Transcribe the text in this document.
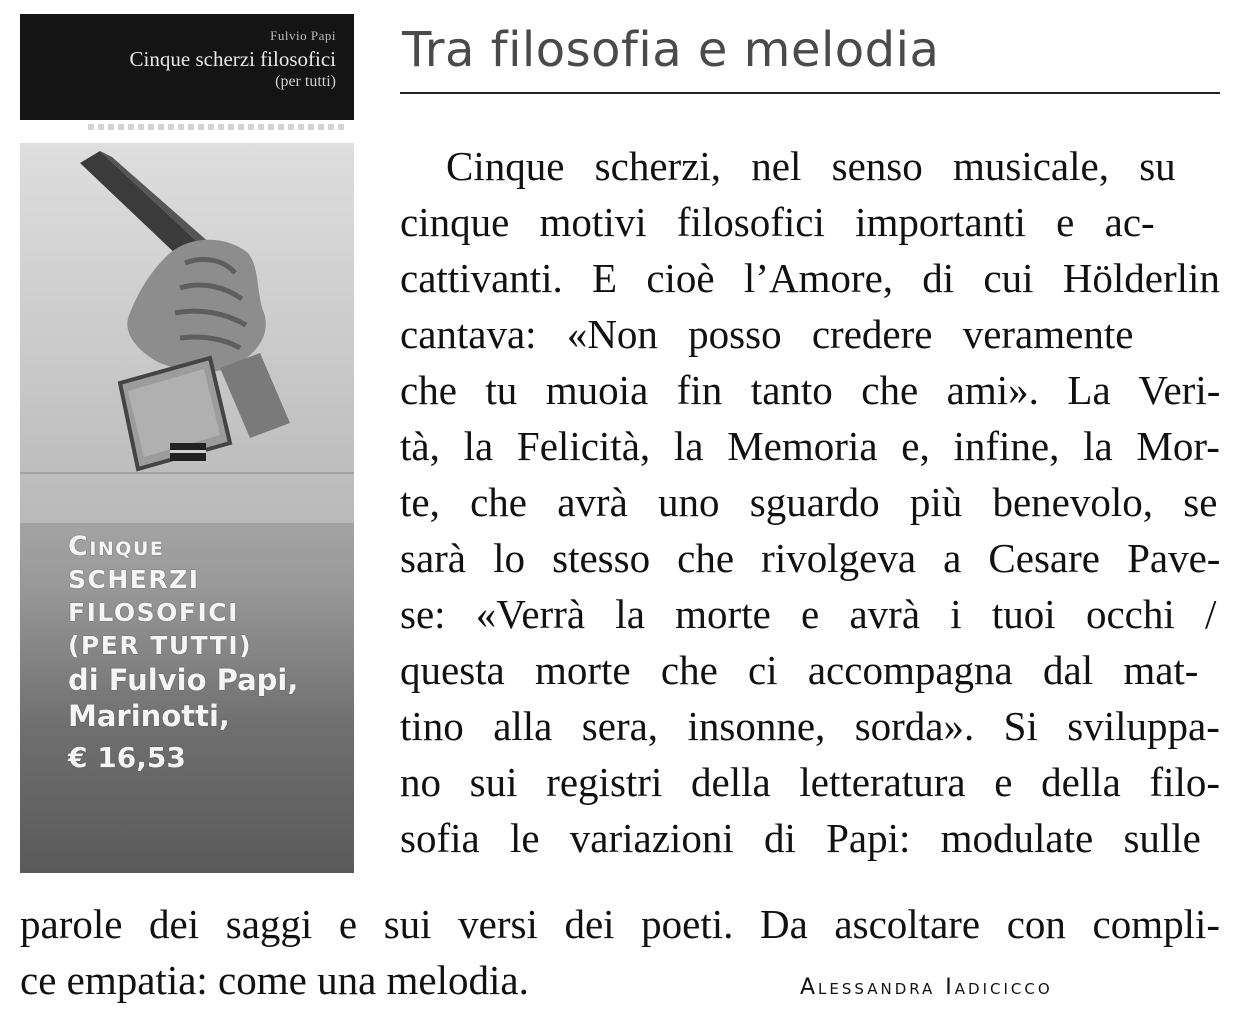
Fulvio Papi
Cinque scherzi filosofici
(per tutti)
Cinque
SCHERZI
FILOSOFICI
(PER TUTTI)
di Fulvio Papi,
Marinotti,
€ 16,53
Tra filosofia e melodia
Cinque scherzi, nel senso musicale, su
cinque motivi filosofici importanti e ac-
cattivanti. E cioè l’Amore, di cui Hölderlin
cantava: «Non posso credere veramente
che tu muoia fin tanto che ami». La Veri-
tà, la Felicità, la Memoria e, infine, la Mor-
te, che avrà uno sguardo più benevolo, se
sarà lo stesso che rivolgeva a Cesare Pave-
se: «Verrà la morte e avrà i tuoi occhi /
questa morte che ci accompagna dal mat-
tino alla sera, insonne, sorda». Si sviluppa-
no sui registri della letteratura e della filo-
sofia le variazioni di Papi: modulate sulle
parole dei saggi e sui versi dei poeti. Da ascoltare con compli-
ce empatia: come una melodia.	Alessandra Iadicicco
